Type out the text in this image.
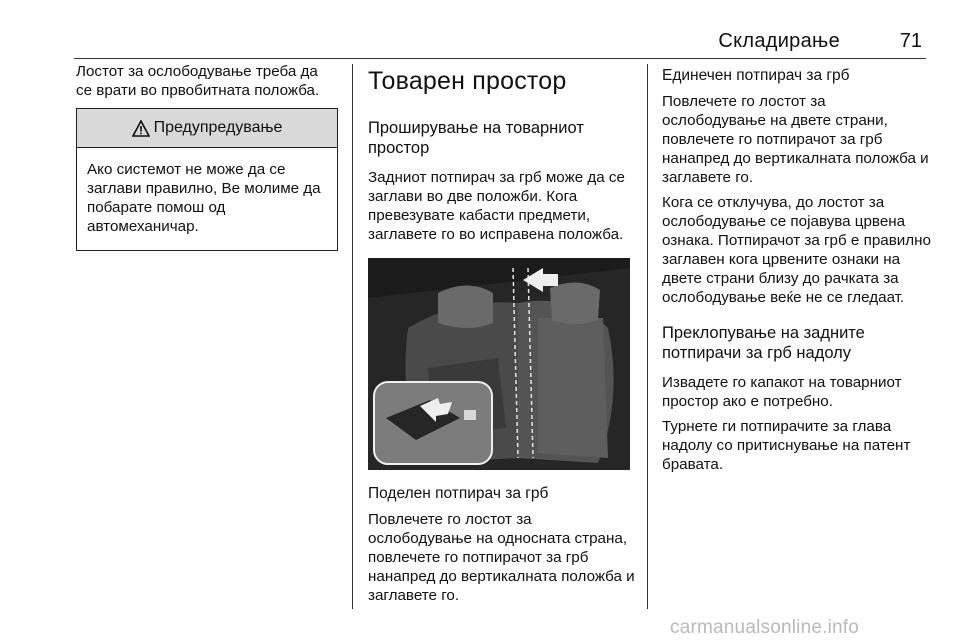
Складирање	71

Лостот за ослободување треба да се врати во првобитната положба.

Предупредување
Ако системот не може да се заглави правилно, Ве молиме да побарате помош од автомеханичар.
Товарен простор
Проширување на товарниот простор

Задниот потпирач за грб може да се заглави во две положби. Кога превезувате кабасти предмети, заглавете го во исправена положба.

Поделен потпирач за грб

Повлечете го лостот за ослободување на односната страна, повлечете го потпирачот за грб нанапред до вертикалната положба и заглавете го.

Единечен потпирач за грб

Повлечете го лостот за ослободување на двете страни, повлечете го потпирачот за грб нанапред до вертикалната положба и заглавете го.

Кога се отклучува, до лостот за ослободување се појавува црвена ознака. Потпирачот за грб е правилно заглавен кога црвените ознаки на двете страни близу до рачката за ослободување веќе не се гледаат.

Преклопување на задните потпирачи за грб надолу

Извадете го капакот на товарниот простор ако е потребно.

Турнете ги потпирачите за глава надолу со притиснување на патент бравата.

carmanualsonline.info
